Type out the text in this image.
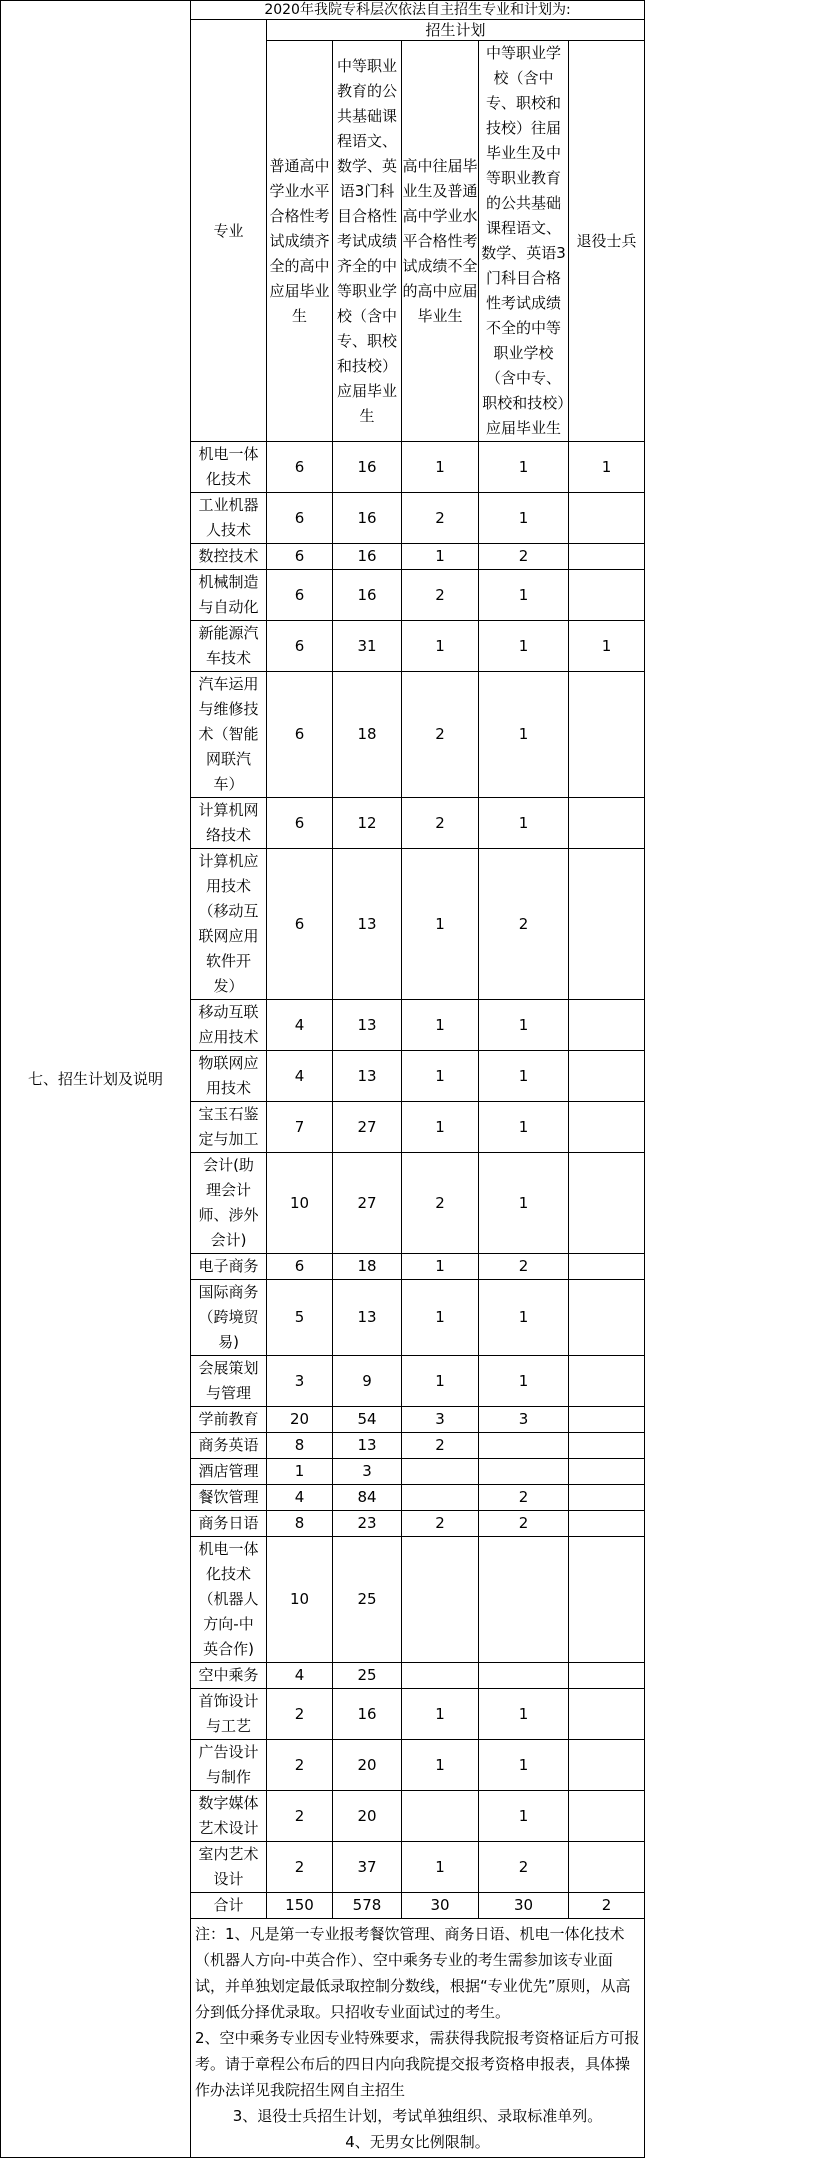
七、招生计划及说明	2020年我院专科层次依法自主招生专业和计划为:					
	专业	招生计划				
		普通高中学业水平合格性考试成绩齐全的高中应届毕业生	中等职业教育的公共基础课程语文、数学、英语3门科目合格性考试成绩齐全的中等职业学校（含中专、职校和技校）应届毕业生	高中往届毕业生及普通高中学业水平合格性考试成绩不全的高中应届毕业生	中等职业学校（含中专、职校和技校）往届毕业生及中等职业教育的公共基础课程语文、数学、英语3门科目合格性考试成绩不全的中等职业学校（含中专、职校和技校）应届毕业生	退役士兵
	机电一体化技术	6	16	1	1	1
	工业机器人技术	6	16	2	1	
	数控技术	6	16	1	2	
	机械制造与自动化	6	16	2	1	
	新能源汽车技术	6	31	1	1	1
	汽车运用与维修技术（智能网联汽车）	6	18	2	1	
	计算机网络技术	6	12	2	1	
	计算机应用技术（移动互联网应用软件开发）	6	13	1	2	
	移动互联应用技术	4	13	1	1	
	物联网应用技术	4	13	1	1	
	宝玉石鉴定与加工	7	27	1	1	
	会计(助理会计师、涉外会计)	10	27	2	1	
	电子商务	6	18	1	2	
	国际商务（跨境贸易)	5	13	1	1	
	会展策划与管理	3	9	1	1	
	学前教育	20	54	3	3	
	商务英语	8	13	2		
	酒店管理	1	3			
	餐饮管理	4	84		2	
	商务日语	8	23	2	2	
	机电一体化技术（机器人方向-中英合作)	10	25			
	空中乘务	4	25			
	首饰设计与工艺	2	16	1	1	
	广告设计与制作	2	20	1	1	
	数字媒体艺术设计	2	20		1	
	室内艺术设计	2	37	1	2	
	合计	150	578	30	30	2

	注：1、凡是第一专业报考餐饮管理、商务日语、机电一体化技术（机器人方向-中英合作）、空中乘务专业的考生需参加该专业面试，并单独划定最低录取控制分数线，根据“专业优先”原则，从高分到低分择优录取。只招收专业面试过的考生。
2、空中乘务专业因专业特殊要求，需获得我院报考资格证后方可报考。请于章程公布后的四日内向我院提交报考资格申报表，具体操作办法详见我院招生网自主招生
3、退役士兵招生计划，考试单独组织、录取标准单列。
4、无男女比例限制。					
